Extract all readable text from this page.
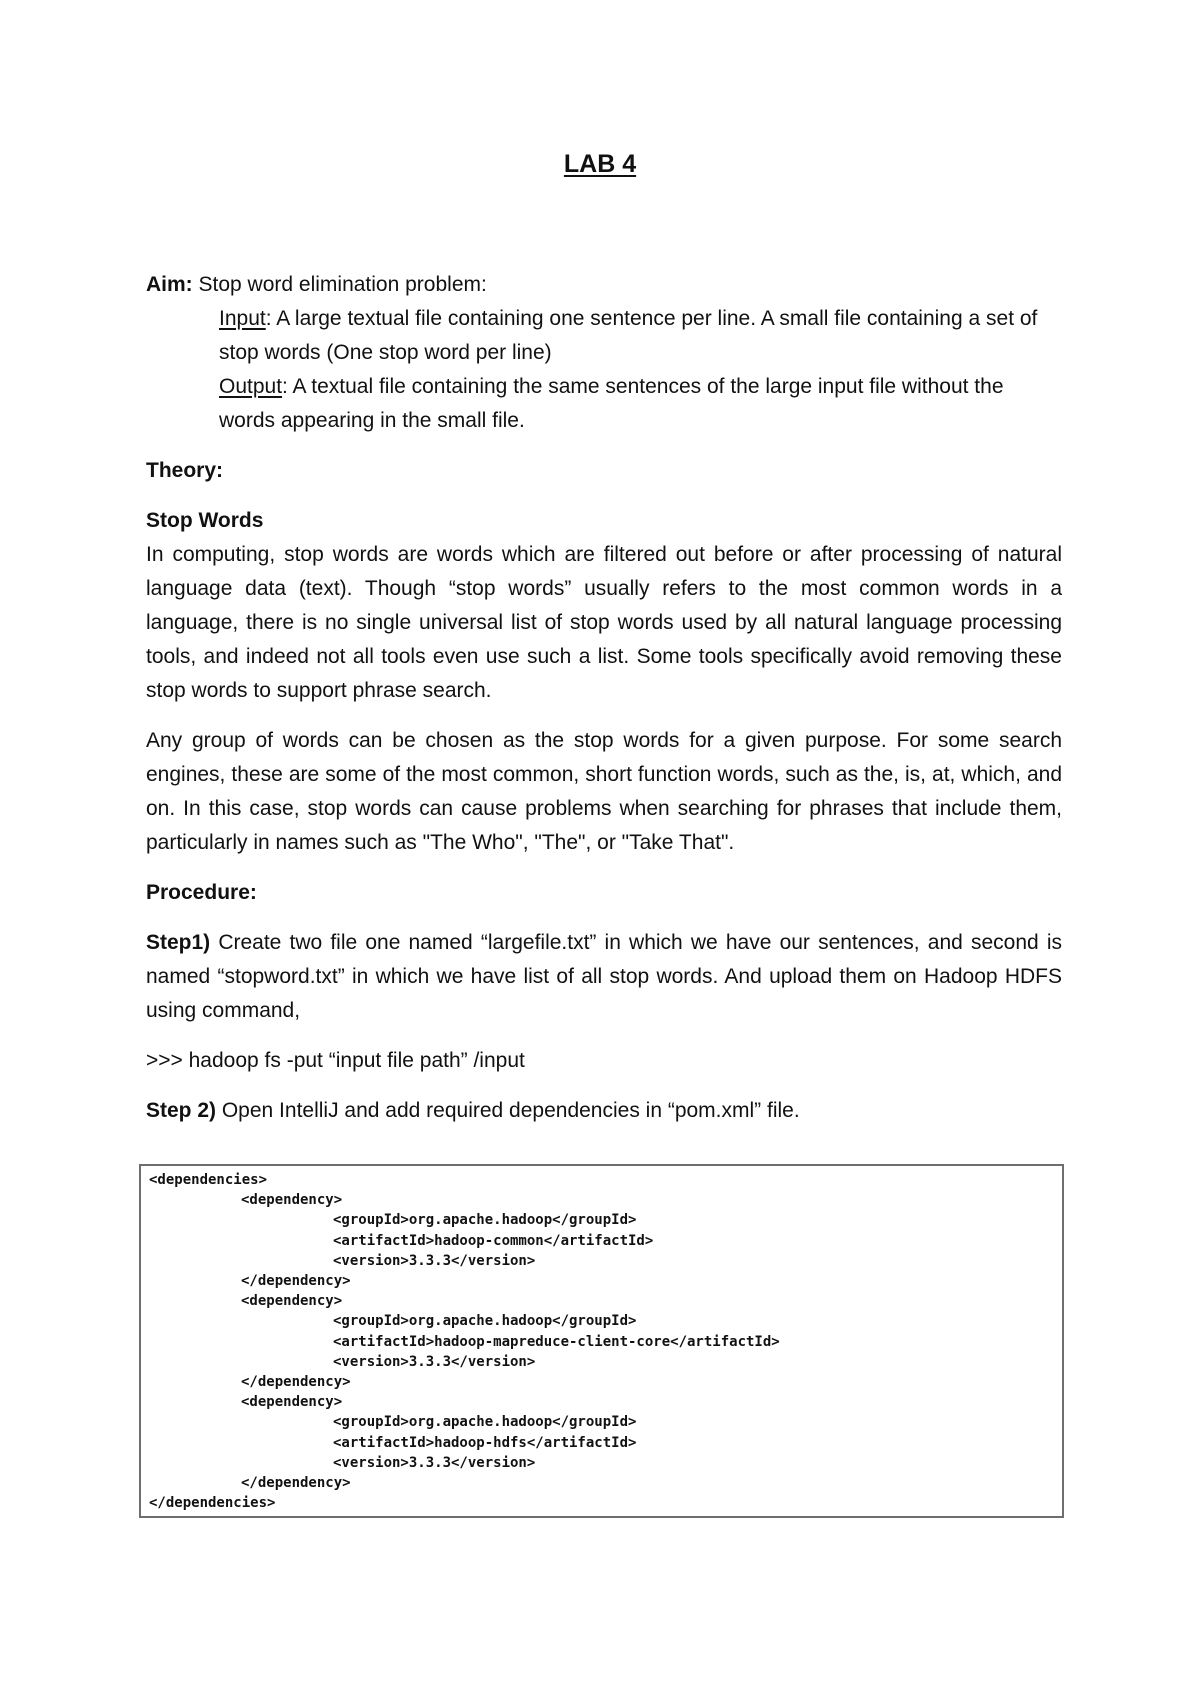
LAB 4

Aim: Stop word elimination problem:

Input: A large textual file containing one sentence per line. A small file containing a set of stop words (One stop word per line)

Output: A textual file containing the same sentences of the large input file without the words appearing in the small file.

Theory:

Stop Words

In computing, stop words are words which are filtered out before or after processing of natural language data (text). Though “stop words” usually refers to the most common words in a language, there is no single universal list of stop words used by all natural language processing tools, and indeed not all tools even use such a list. Some tools specifically avoid removing these stop words to support phrase search.

Any group of words can be chosen as the stop words for a given purpose. For some search engines, these are some of the most common, short function words, such as the, is, at, which, and on. In this case, stop words can cause problems when searching for phrases that include them, particularly in names such as "The Who", "The", or "Take That".

Procedure:

Step1) Create two file one named “largefile.txt” in which we have our sentences, and second is named “stopword.txt” in which we have list of all stop words. And upload them on Hadoop HDFS using command,

>>> hadoop fs -put “input file path” /input

Step 2) Open IntelliJ and add required dependencies in “pom.xml” file.

<dependencies>
<dependency>
<groupId>org.apache.hadoop</groupId>
<artifactId>hadoop-common</artifactId>
<version>3.3.3</version>
</dependency>
<dependency>
<groupId>org.apache.hadoop</groupId>
<artifactId>hadoop-mapreduce-client-core</artifactId>
<version>3.3.3</version>
</dependency>
<dependency>
<groupId>org.apache.hadoop</groupId>
<artifactId>hadoop-hdfs</artifactId>
<version>3.3.3</version>
</dependency>
</dependencies>
